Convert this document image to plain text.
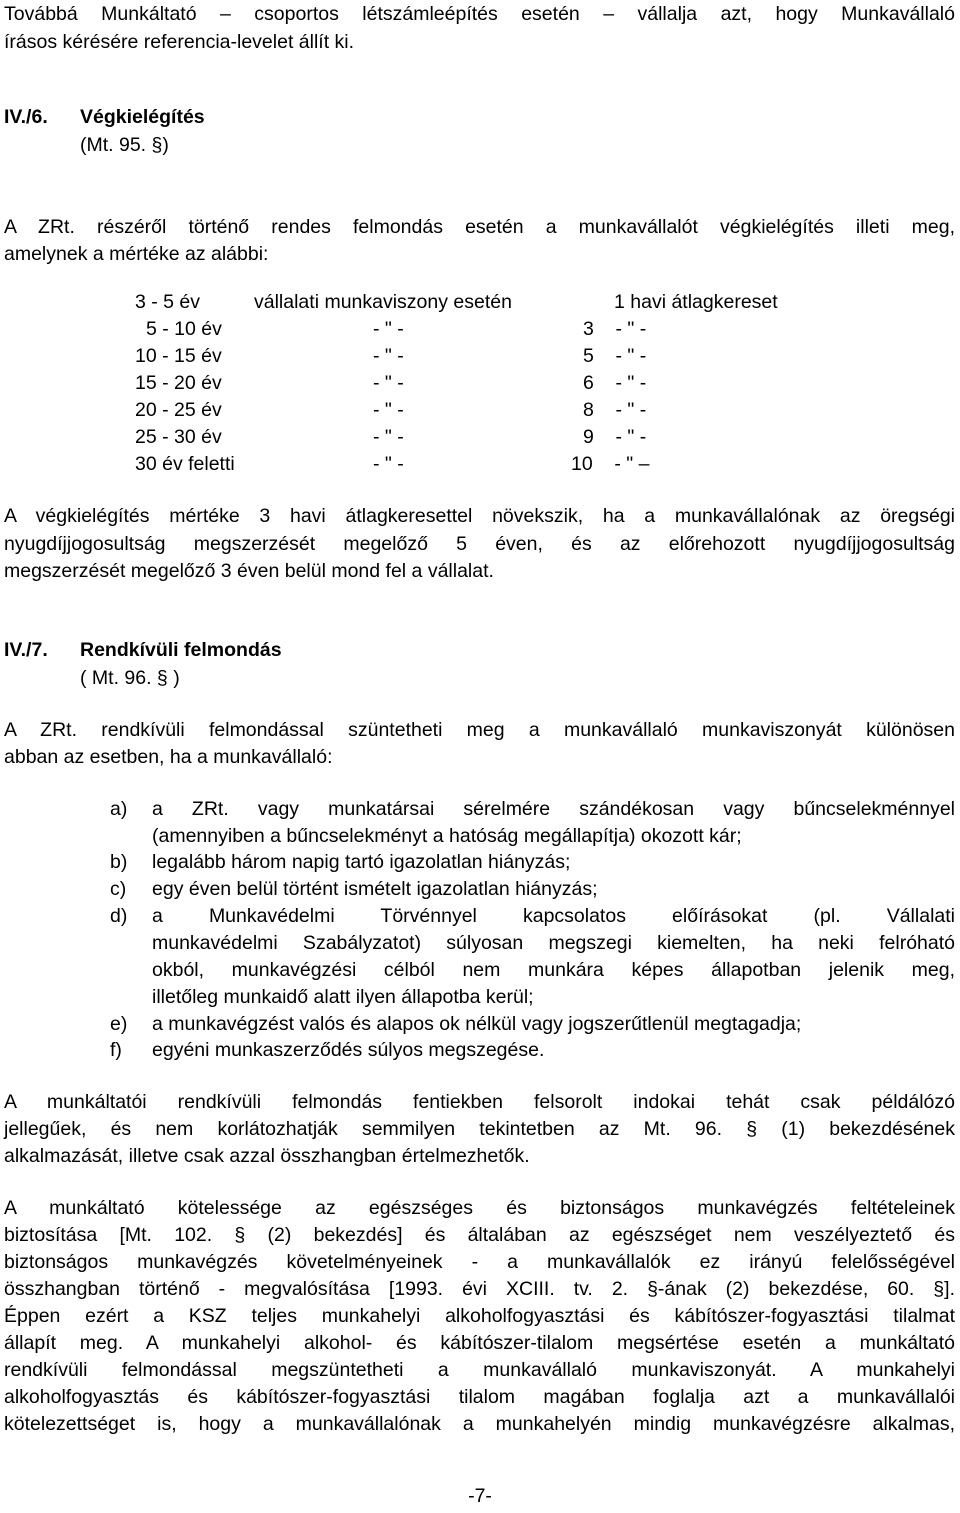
Továbbá Munkáltató – csoportos létszámleépítés esetén – vállalja azt, hogy Munkavállaló
írásos kérésére referencia-levelet állít ki.
IV./6. Végkielégítés
(Mt. 95. §)
A ZRt. részéről történő rendes felmondás esetén a munkavállalót végkielégítés illeti meg,
amelynek a mértéke az alábbi:
3 - 5 év	vállalati munkaviszony esetén	1 havi átlagkereset
5 - 10 év	- " -	3    - " -
10 - 15 év	- " -	5    - " -
15 - 20 év	- " -	6    - " -
20 - 25 év	- " -	8    - " -
25 - 30 év	- " -	9    - " -
30 év feletti	- " -	10    - " –
A végkielégítés mértéke 3 havi átlagkeresettel növekszik, ha a munkavállalónak az öregségi
nyugdíjjogosultság megszerzését megelőző 5 éven, és az előrehozott nyugdíjjogosultság
megszerzését megelőző 3 éven belül mond fel a vállalat.
IV./7. Rendkívüli felmondás
( Mt. 96. § )
A ZRt. rendkívüli felmondással szüntetheti meg a munkavállaló munkaviszonyát különösen
abban az esetben, ha a munkavállaló:
a)	a ZRt. vagy munkatársai sérelmére szándékosan vagy bűncselekménnyel
(amennyiben a bűncselekményt a hatóság megállapítja) okozott kár;
b)	legalább három napig tartó igazolatlan hiányzás;
c)	egy éven belül történt ismételt igazolatlan hiányzás;
d)	a Munkavédelmi Törvénnyel kapcsolatos előírásokat (pl. Vállalati
munkavédelmi Szabályzatot) súlyosan megszegi kiemelten, ha neki felróható
okból, munkavégzési célból nem munkára képes állapotban jelenik meg,
illetőleg munkaidő alatt ilyen állapotba kerül;
e)	a munkavégzést valós és alapos ok nélkül vagy jogszerűtlenül megtagadja;
f)	egyéni munkaszerződés súlyos megszegése.
A munkáltatói rendkívüli felmondás fentiekben felsorolt indokai tehát csak példálózó
jellegűek, és nem korlátozhatják semmilyen tekintetben az Mt. 96. § (1) bekezdésének
alkalmazását, illetve csak azzal összhangban értelmezhetők.
A munkáltató kötelessége az egészséges és biztonságos munkavégzés feltételeinek
biztosítása [Mt. 102. § (2) bekezdés] és általában az egészséget nem veszélyeztető és
biztonságos munkavégzés követelményeinek - a munkavállalók ez irányú felelősségével
összhangban történő - megvalósítása [1993. évi XCIII. tv. 2. §-ának (2) bekezdése, 60. §].
Éppen ezért a KSZ teljes munkahelyi alkoholfogyasztási és kábítószer-fogyasztási tilalmat
állapít meg. A munkahelyi alkohol- és kábítószer-tilalom megsértése esetén a munkáltató
rendkívüli felmondással megszüntetheti a munkavállaló munkaviszonyát. A munkahelyi
alkoholfogyasztás és kábítószer-fogyasztási tilalom magában foglalja azt a munkavállalói
kötelezettséget is, hogy a munkavállalónak a munkahelyén mindig munkavégzésre alkalmas,
-7-
